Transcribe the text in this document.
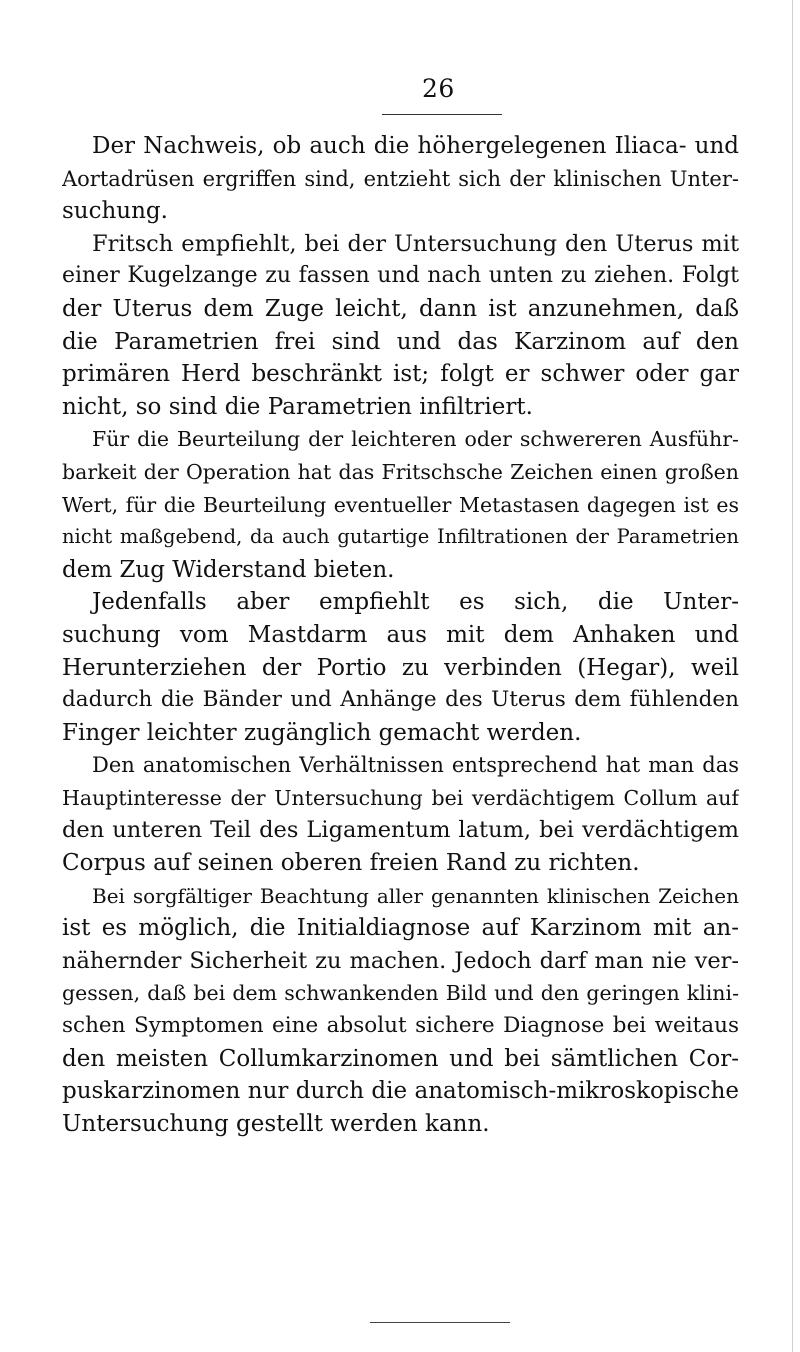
26
Der Nachweis, ob auch die höhergelegenen Iliaca- und
Aortadrüsen ergriffen sind, entzieht sich der klinischen Unter-
suchung.
Fritsch empfiehlt, bei der Untersuchung den Uterus mit
einer Kugelzange zu fassen und nach unten zu ziehen. Folgt
der Uterus dem Zuge leicht, dann ist anzunehmen, daß
die Parametrien frei sind und das Karzinom auf den
primären Herd beschränkt ist; folgt er schwer oder gar
nicht, so sind die Parametrien infiltriert.
Für die Beurteilung der leichteren oder schwereren Ausführ-
barkeit der Operation hat das Fritschsche Zeichen einen großen
Wert, für die Beurteilung eventueller Metastasen dagegen ist es
nicht maßgebend, da auch gutartige Infiltrationen der Parametrien
dem Zug Widerstand bieten.
Jedenfalls aber empfiehlt es sich, die Unter-
suchung vom Mastdarm aus mit dem Anhaken und
Herunterziehen der Portio zu verbinden (Hegar), weil
dadurch die Bänder und Anhänge des Uterus dem fühlenden
Finger leichter zugänglich gemacht werden.
Den anatomischen Verhältnissen entsprechend hat man das
Hauptinteresse der Untersuchung bei verdächtigem Collum auf
den unteren Teil des Ligamentum latum, bei verdächtigem
Corpus auf seinen oberen freien Rand zu richten.
Bei sorgfältiger Beachtung aller genannten klinischen Zeichen
ist es möglich, die Initialdiagnose auf Karzinom mit an-
nähernder Sicherheit zu machen. Jedoch darf man nie ver-
gessen, daß bei dem schwankenden Bild und den geringen klini-
schen Symptomen eine absolut sichere Diagnose bei weitaus
den meisten Collumkarzinomen und bei sämtlichen Cor-
puskarzinomen nur durch die anatomisch-mikroskopische
Untersuchung gestellt werden kann.
